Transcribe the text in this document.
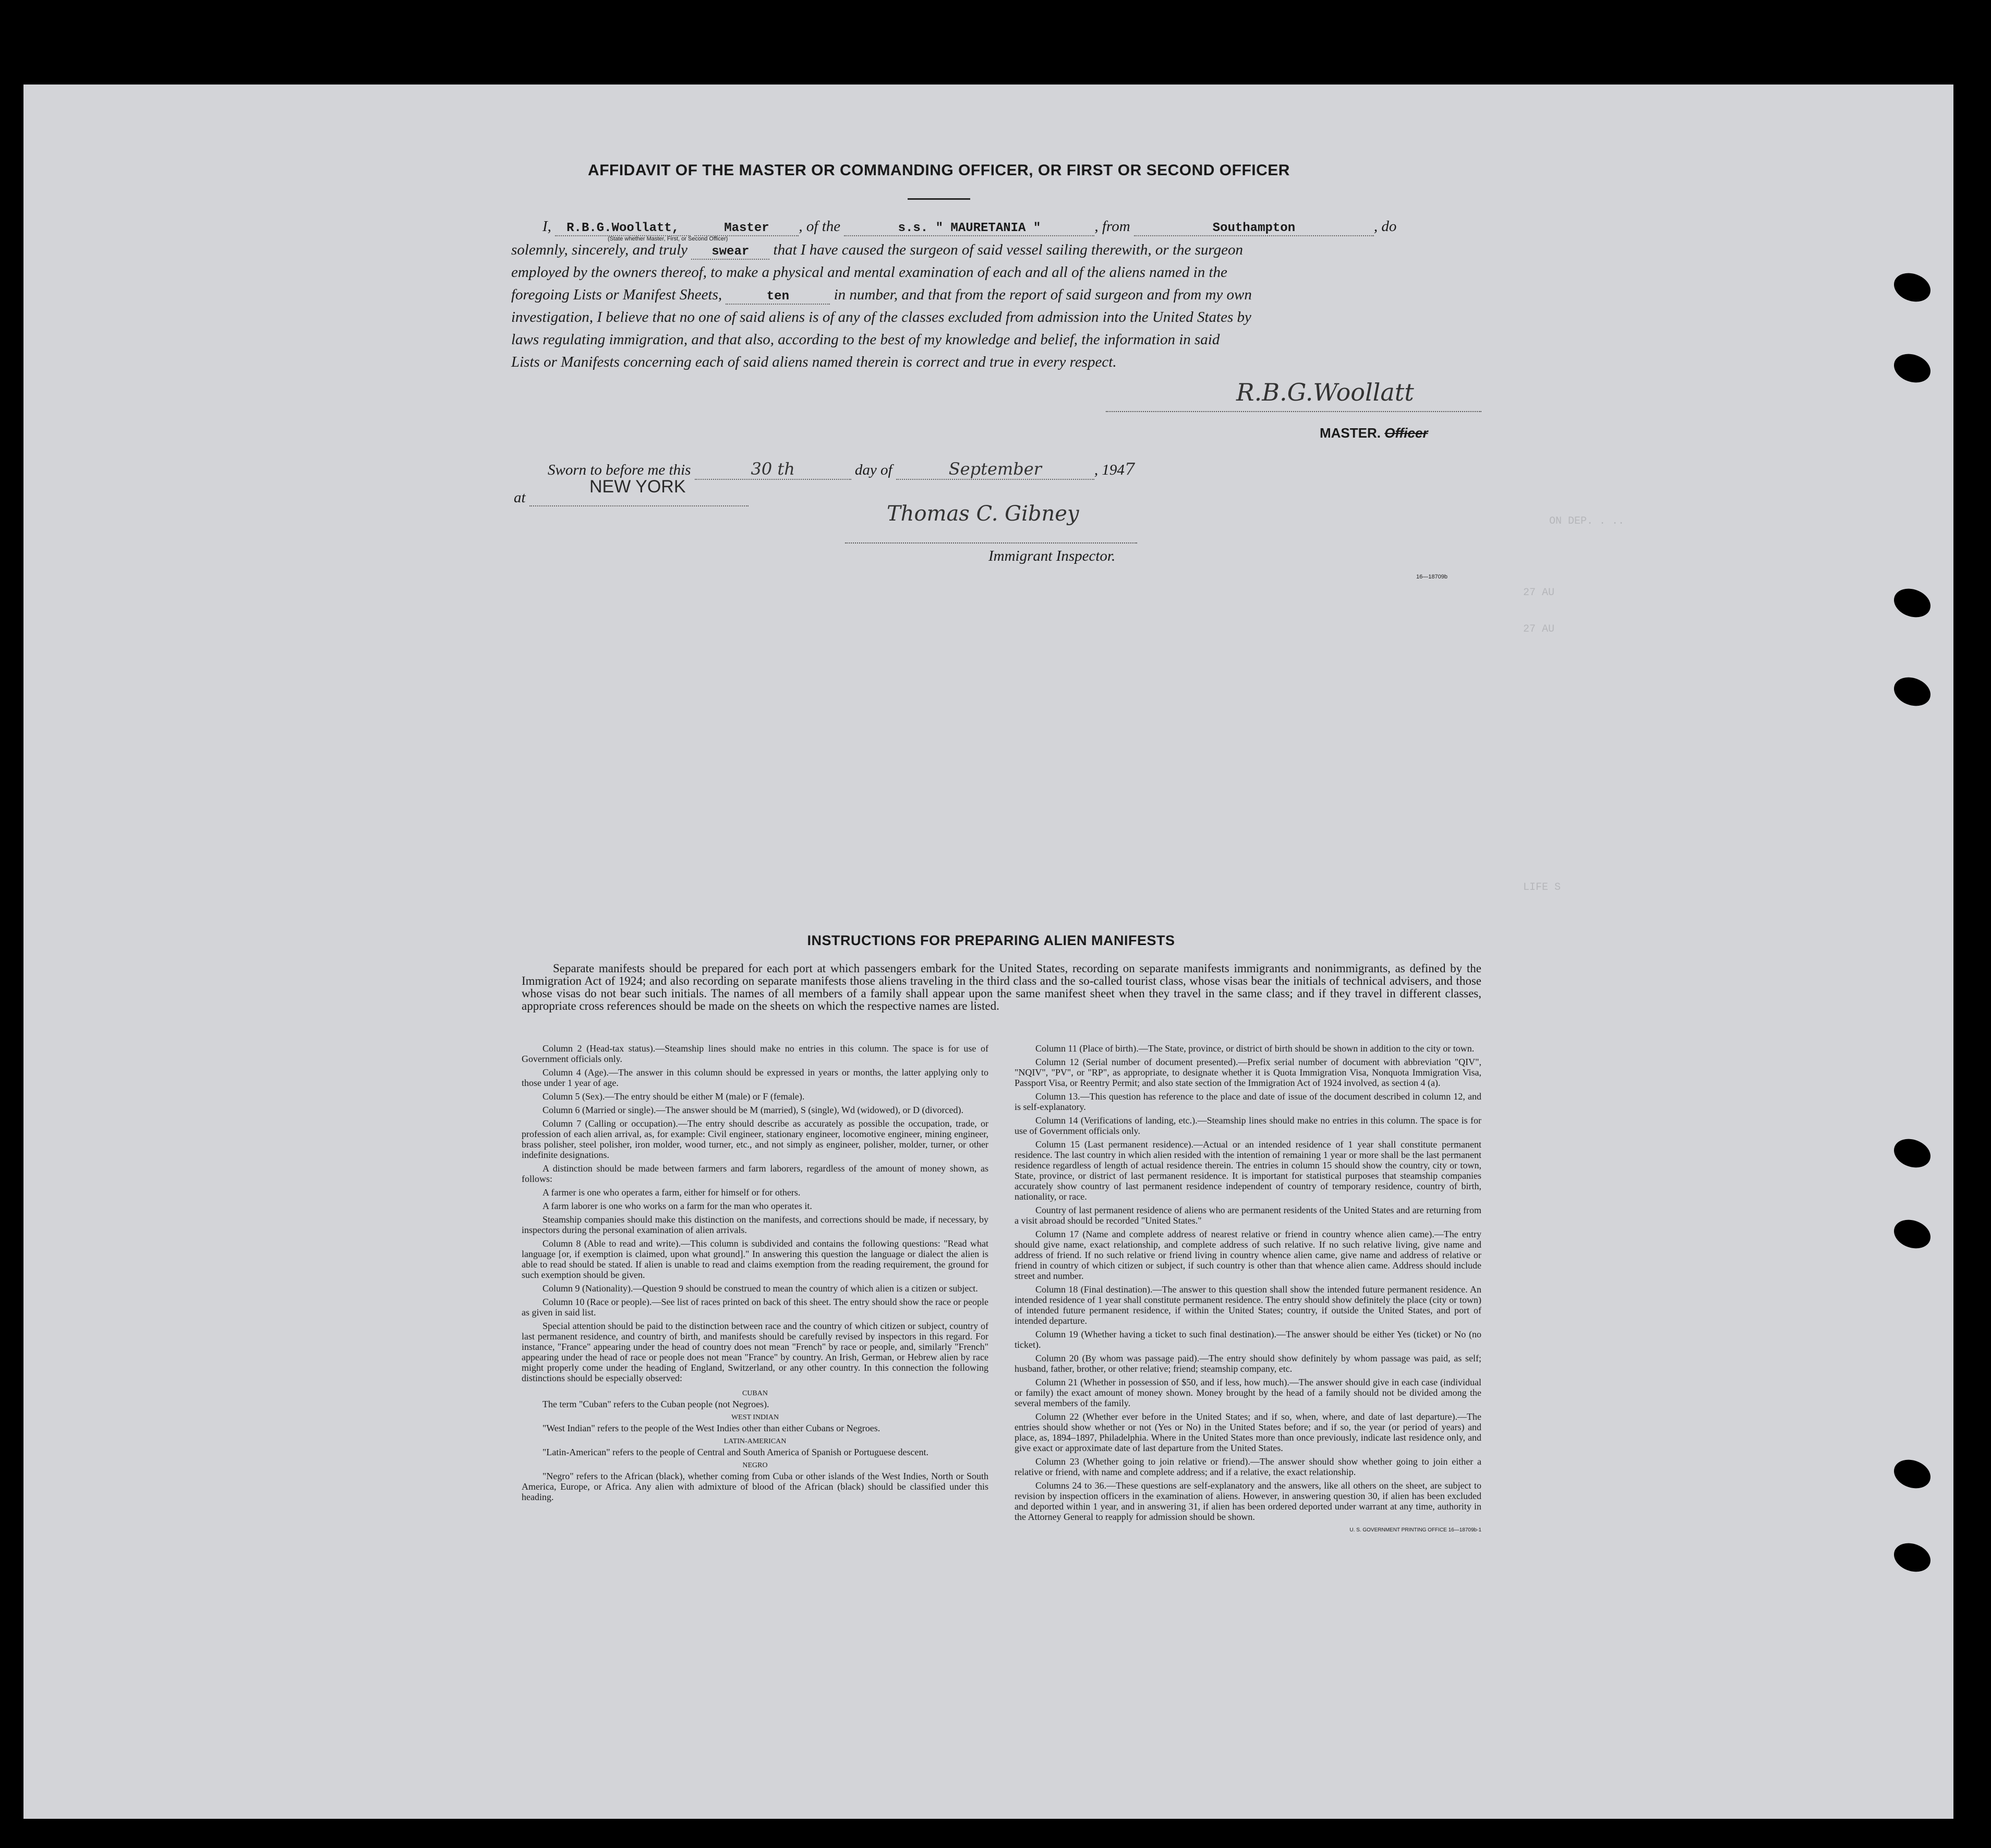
AFFIDAVIT OF THE MASTER OR COMMANDING OFFICER, OR FIRST OR SECOND OFFICER
I, R.B.G.Woollatt,	Master , of the	s.s. " MAURETANIA "	, from	Southampton	, do
(State whether Master, First, or Second Officer)
solemnly, sincerely, and truly swear that I have caused the surgeon of said vessel sailing therewith, or the surgeon
employed by the owners thereof, to make a physical and mental examination of each and all of the aliens named in the
foregoing Lists or Manifest Sheets,	ten	in number, and that from the report of said surgeon and from my own
investigation, I believe that no one of said aliens is of any of the classes excluded from admission into the United States by
laws regulating immigration, and that also, according to the best of my knowledge and belief, the information in said
Lists or Manifests concerning each of said aliens named therein is correct and true in every respect.
R.B.G.Woollatt
MASTER. Officer
Sworn to before me this	30 th	day of	September	, 1947
at
NEW YORK
Thomas C. Gibney
Immigrant Inspector.
16—18709b
ON DEP. . ..
27 AU
27 AU
LIFE S
INSTRUCTIONS FOR PREPARING ALIEN MANIFESTS
Separate manifests should be prepared for each port at which passengers embark for the United States, recording on separate manifests immigrants and nonimmigrants, as defined by the Immigration Act of 1924; and also recording on separate manifests those aliens traveling in the third class and the so-called tourist class, whose visas bear the initials of technical advisers, and those whose visas do not bear such initials. The names of all members of a family shall appear upon the same manifest sheet when they travel in the same class; and if they travel in different classes, appropriate cross references should be made on the sheets on which the respective names are listed.

Column 2 (Head-tax status).—Steamship lines should make no entries in this column. The space is for use of Government officials only.

Column 4 (Age).—The answer in this column should be expressed in years or months, the latter applying only to those under 1 year of age.

Column 5 (Sex).—The entry should be either M (male) or F (female).

Column 6 (Married or single).—The answer should be M (married), S (single), Wd (widowed), or D (divorced).

Column 7 (Calling or occupation).—The entry should describe as accurately as possible the occupation, trade, or profession of each alien arrival, as, for example: Civil engineer, stationary engineer, locomotive engineer, mining engineer, brass polisher, steel polisher, iron molder, wood turner, etc., and not simply as engineer, polisher, molder, turner, or other indefinite designations.

A distinction should be made between farmers and farm laborers, regardless of the amount of money shown, as follows:

A farmer is one who operates a farm, either for himself or for others.

A farm laborer is one who works on a farm for the man who operates it.

Steamship companies should make this distinction on the manifests, and corrections should be made, if necessary, by inspectors during the personal examination of alien arrivals.

Column 8 (Able to read and write).—This column is subdivided and contains the following questions: "Read what language [or, if exemption is claimed, upon what ground]." In answering this question the language or dialect the alien is able to read should be stated. If alien is unable to read and claims exemption from the reading requirement, the ground for such exemption should be given.

Column 9 (Nationality).—Question 9 should be construed to mean the country of which alien is a citizen or subject.

Column 10 (Race or people).—See list of races printed on back of this sheet. The entry should show the race or people as given in said list.

Special attention should be paid to the distinction between race and the country of which citizen or subject, country of last permanent residence, and country of birth, and manifests should be carefully revised by inspectors in this regard. For instance, "France" appearing under the head of country does not mean "French" by race or people, and, similarly "French" appearing under the head of race or people does not mean "France" by country. An Irish, German, or Hebrew alien by race might properly come under the heading of England, Switzerland, or any other country. In this connection the following distinctions should be especially observed:

CUBAN

The term "Cuban" refers to the Cuban people (not Negroes).

WEST INDIAN

"West Indian" refers to the people of the West Indies other than either Cubans or Negroes.

LATIN-AMERICAN

"Latin-American" refers to the people of Central and South America of Spanish or Portuguese descent.

NEGRO

"Negro" refers to the African (black), whether coming from Cuba or other islands of the West Indies, North or South America, Europe, or Africa. Any alien with admixture of blood of the African (black) should be classified under this heading.

Column 11 (Place of birth).—The State, province, or district of birth should be shown in addition to the city or town.

Column 12 (Serial number of document presented).—Prefix serial number of document with abbreviation "QIV", "NQIV", "PV", or "RP", as appropriate, to designate whether it is Quota Immigration Visa, Nonquota Immigration Visa, Passport Visa, or Reentry Permit; and also state section of the Immigration Act of 1924 involved, as section 4 (a).

Column 13.—This question has reference to the place and date of issue of the document described in column 12, and is self-explanatory.

Column 14 (Verifications of landing, etc.).—Steamship lines should make no entries in this column. The space is for use of Government officials only.

Column 15 (Last permanent residence).—Actual or an intended residence of 1 year shall constitute permanent residence. The last country in which alien resided with the intention of remaining 1 year or more shall be the last permanent residence regardless of length of actual residence therein. The entries in column 15 should show the country, city or town, State, province, or district of last permanent residence. It is important for statistical purposes that steamship companies accurately show country of last permanent residence independent of country of temporary residence, country of birth, nationality, or race.

Country of last permanent residence of aliens who are permanent residents of the United States and are returning from a visit abroad should be recorded "United States."

Column 17 (Name and complete address of nearest relative or friend in country whence alien came).—The entry should give name, exact relationship, and complete address of such relative. If no such relative living, give name and address of friend. If no such relative or friend living in country whence alien came, give name and address of relative or friend in country of which citizen or subject, if such country is other than that whence alien came. Address should include street and number.

Column 18 (Final destination).—The answer to this question shall show the intended future permanent residence. An intended residence of 1 year shall constitute permanent residence. The entry should show definitely the place (city or town) of intended future permanent residence, if within the United States; country, if outside the United States, and port of intended departure.

Column 19 (Whether having a ticket to such final destination).—The answer should be either Yes (ticket) or No (no ticket).

Column 20 (By whom was passage paid).—The entry should show definitely by whom passage was paid, as self; husband, father, brother, or other relative; friend; steamship company, etc.

Column 21 (Whether in possession of $50, and if less, how much).—The answer should give in each case (individual or family) the exact amount of money shown. Money brought by the head of a family should not be divided among the several members of the family.

Column 22 (Whether ever before in the United States; and if so, when, where, and date of last departure).—The entries should show whether or not (Yes or No) in the United States before; and if so, the year (or period of years) and place, as, 1894–1897, Philadelphia. Where in the United States more than once previously, indicate last residence only, and give exact or approximate date of last departure from the United States.

Column 23 (Whether going to join relative or friend).—The answer should show whether going to join either a relative or friend, with name and complete address; and if a relative, the exact relationship.

Columns 24 to 36.—These questions are self-explanatory and the answers, like all others on the sheet, are subject to revision by inspection officers in the examination of aliens. However, in answering question 30, if alien has been excluded and deported within 1 year, and in answering 31, if alien has been ordered deported under warrant at any time, authority in the Attorney General to reapply for admission should be shown.

U. S. GOVERNMENT PRINTING OFFICE 16—18709b-1
